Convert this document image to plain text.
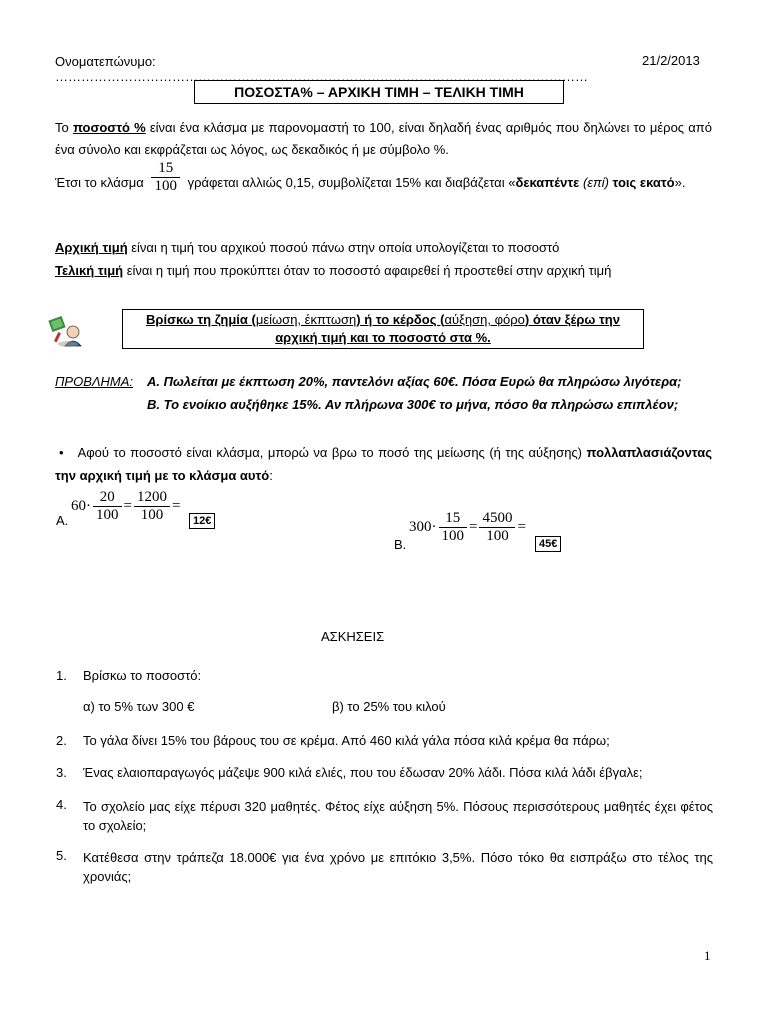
Ονοματεπώνυμο: ……………………………………………………………………………………………………………
21/2/2013
ΠΟΣΟΣΤΑ% – ΑΡΧΙΚΗ ΤΙΜΗ – ΤΕΛΙΚΗ ΤΙΜΗ
Το ποσοστό % είναι ένα κλάσμα με παρονομαστή το 100, είναι δηλαδή ένας αριθμός που δηλώνει το μέρος από ένα σύνολο και εκφράζεται ως λόγος, ως δεκαδικός ή με σύμβολο %.
Έτσι το κλάσμα $\frac{15}{100}$ γράφεται αλλιώς 0,15, συμβολίζεται 15% και διαβάζεται «δεκαπέντε (επί) τοις εκατό».
Αρχική τιμή είναι η τιμή του αρχικού ποσού πάνω στην οποία υπολογίζεται το ποσοστό
Τελική τιμή είναι η τιμή που προκύπτει όταν το ποσοστό αφαιρεθεί ή προστεθεί στην αρχική τιμή
Βρίσκω τη ζημία (μείωση, έκπτωση) ή το κέρδος (αύξηση, φόρο) όταν ξέρω την
αρχική τιμή και το ποσοστό στα %.
ΠΡΟΒΛΗΜΑ: Α. Πωλείται με έκπτωση 20%, παντελόνι αξίας 60€. Πόσα Ευρώ θα πληρώσω λιγότερα;
Β. Το ενοίκιο αυξήθηκε 15%. Αν πλήρωνα 300€ το μήνα, πόσο θα πληρώσω επιπλέον;
• Αφού το ποσοστό είναι κλάσμα, μπορώ να βρω το ποσό της μείωσης (ή της αύξησης) πολλαπλασιάζοντας την αρχική τιμή με το κλάσμα αυτό:
Α.
$60\cdot \frac{20}{100} = \frac{1200}{100}$ =
12€
Β.
$300\cdot \frac{15}{100} = \frac{4500}{100}$ =
45€
ΑΣΚΗΣΕΙΣ
1. Βρίσκω το ποσοστό:
α) το 5% των 300 €	β) το 25% του κιλού
2. Το γάλα δίνει 15% του βάρους του σε κρέμα. Από 460 κιλά γάλα πόσα κιλά κρέμα θα πάρω;
3. Ένας ελαιοπαραγωγός μάζεψε 900 κιλά ελιές, που του έδωσαν 20% λάδι. Πόσα κιλά λάδι έβγαλε;
4. Το σχολείο μας είχε πέρυσι 320 μαθητές. Φέτος είχε αύξηση 5%. Πόσους περισσότερους μαθητές έχει φέτος το σχολείο;
5. Κατέθεσα στην τράπεζα 18.000€ για ένα χρόνο με επιτόκιο 3,5%. Πόσο τόκο θα εισπράξω στο τέλος της χρονιάς;
1
